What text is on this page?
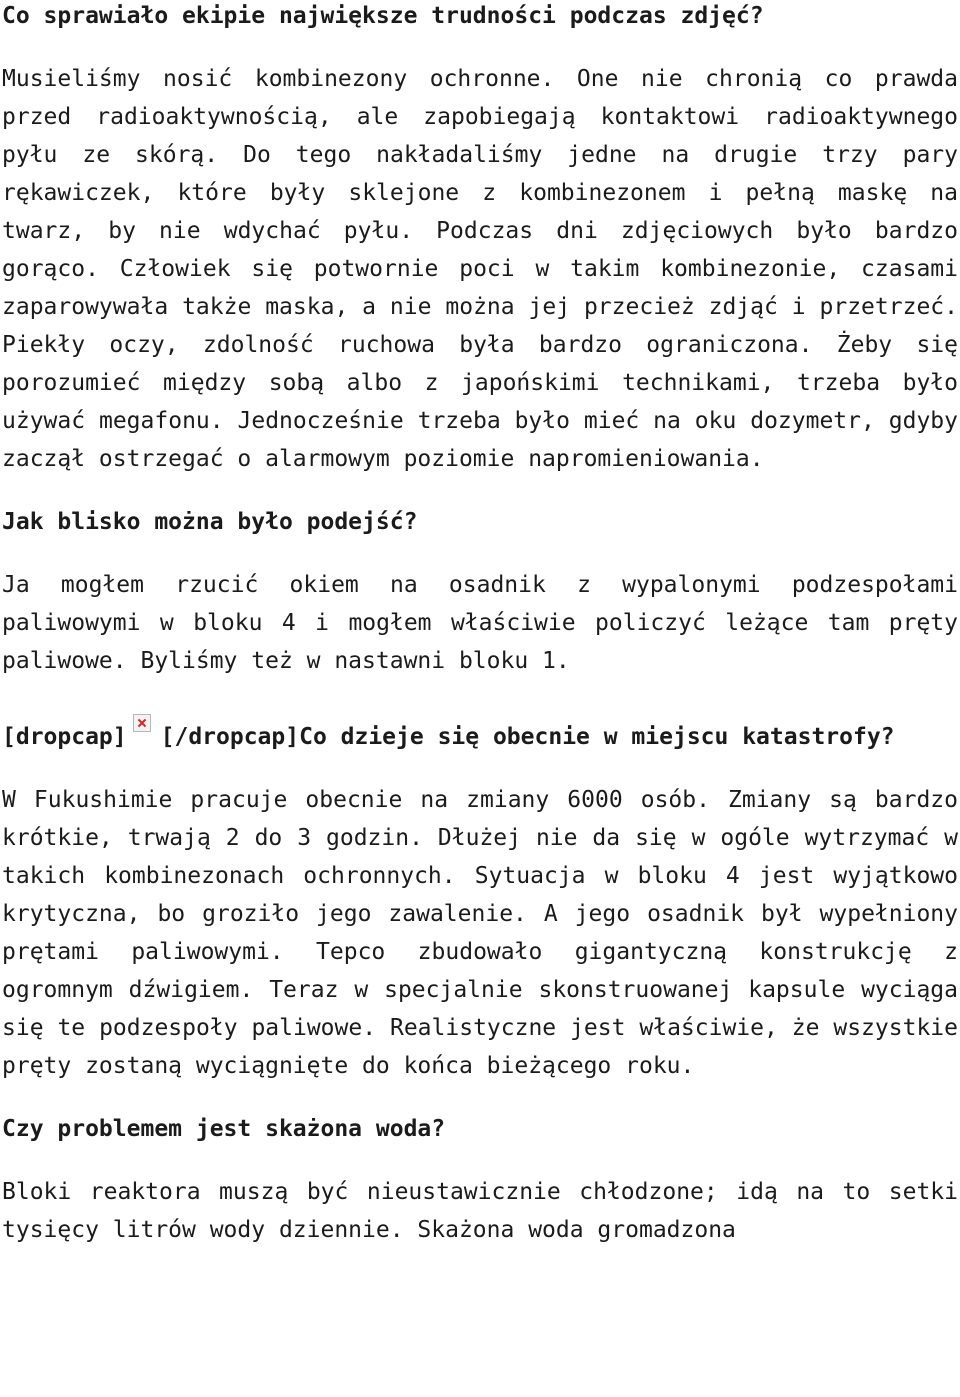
Co sprawiało ekipie największe trudności podczas zdjęć?

Musieliśmy nosić kombinezony ochronne. One nie chronią co prawda przed radioaktywnością, ale zapobiegają kontaktowi radioaktywnego pyłu ze skórą. Do tego nakładaliśmy jedne na drugie trzy pary rękawiczek, które były sklejone z kombinezonem i pełną maskę na twarz, by nie wdychać pyłu. Podczas dni zdjęciowych było bardzo gorąco. Człowiek się potwornie poci w takim kombinezonie, czasami zaparowywała także maska, a nie można jej przecież zdjąć i przetrzeć. Piekły oczy, zdolność ruchowa była bardzo ograniczona. Żeby się porozumieć między sobą albo z japońskimi technikami, trzeba było używać megafonu. Jednocześnie trzeba było mieć na oku dozymetr, gdyby zaczął ostrzegać o alarmowym poziomie napromieniowania.

Jak blisko można było podejść?

Ja mogłem rzucić okiem na osadnik z wypalonymi podzespołami paliwowymi w bloku 4 i mogłem właściwie policzyć leżące tam pręty paliwowe. Byliśmy też w nastawni bloku 1.

[dropcap] [/dropcap]Co dzieje się obecnie w miejscu katastrofy?

W Fukushimie pracuje obecnie na zmiany 6000 osób. Zmiany są bardzo krótkie, trwają 2 do 3 godzin. Dłużej nie da się w ogóle wytrzymać w takich kombinezonach ochronnych. Sytuacja w bloku 4 jest wyjątkowo krytyczna, bo groziło jego zawalenie. A jego osadnik był wypełniony prętami paliwowymi. Tepco zbudowało gigantyczną konstrukcję z ogromnym dźwigiem. Teraz w specjalnie skonstruowanej kapsule wyciąga się te podzespoły paliwowe. Realistyczne jest właściwie, że wszystkie pręty zostaną wyciągnięte do końca bieżącego roku.

Czy problemem jest skażona woda?

Bloki reaktora muszą być nieustawicznie chłodzone; idą na to setki tysięcy litrów wody dziennie. Skażona woda gromadzona
